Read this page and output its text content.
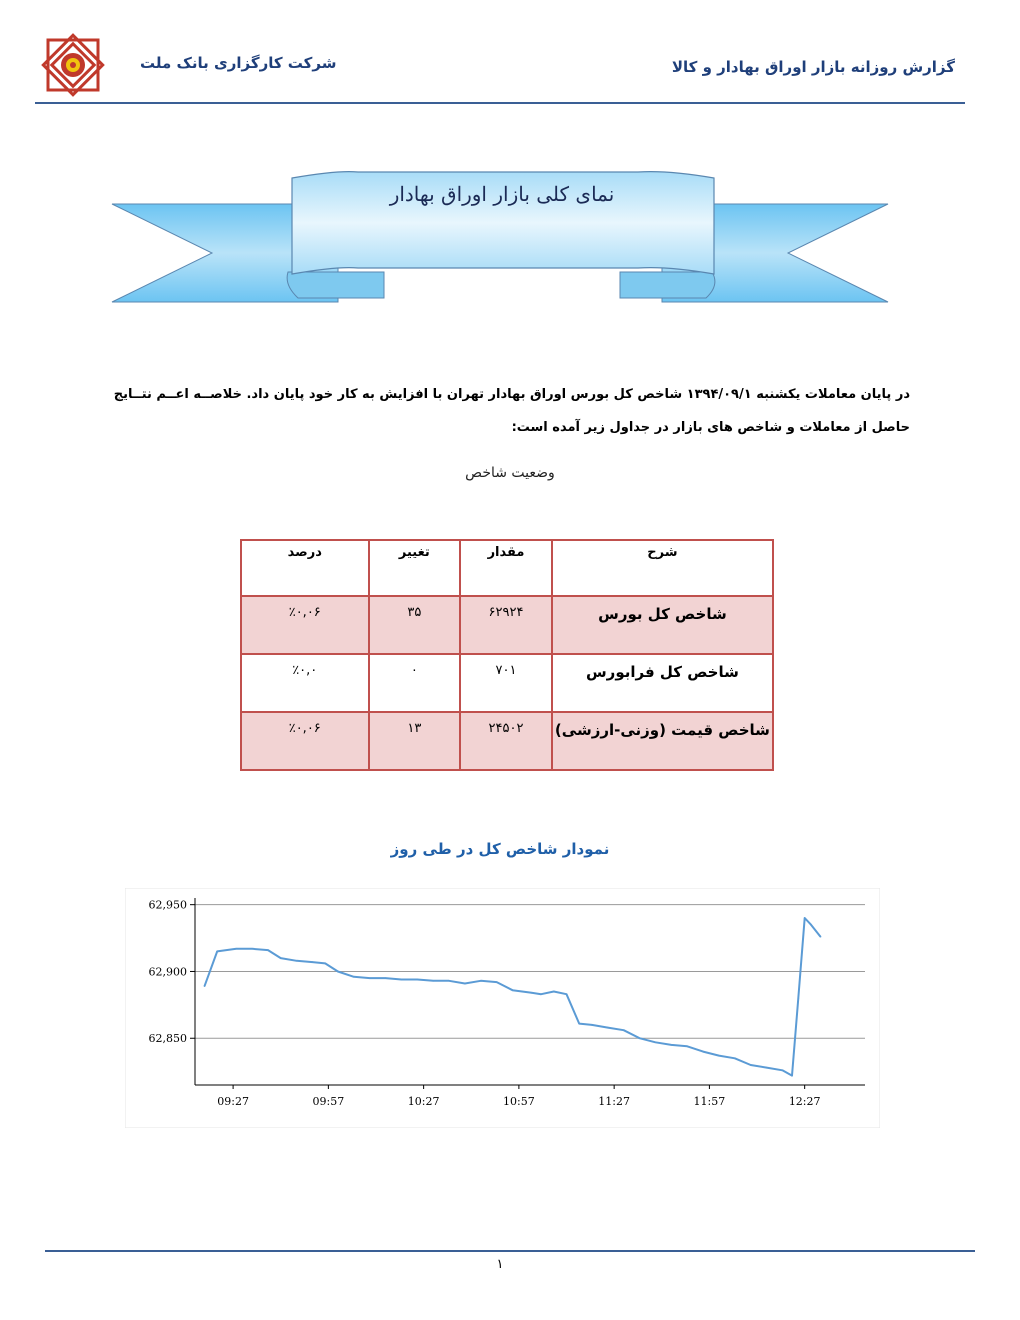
شرکت کارگزاری بانک ملت	گزارش روزانه بازار اوراق بهادار و کالا
نمای کلی بازار اوراق بهادار
در پایان معاملات یکشنبه ۱۳۹۴/۰۹/۱ شاخص کل بورس اوراق بهادار تهران با افزایش به کار خود پایان داد. خلاصــه اعــم نتــایج
حاصل از معاملات و شاخص های بازار در جداول زیر آمده است:
وضعیت شاخص
شرح	مقدار	تغییر	درصد
شاخص کل بورس	۶۲۹۲۴	۳۵	٪۰,۰۶
شاخص کل فرابورس	۷۰۱	۰	٪۰,۰
شاخص قیمت (وزنی-ارزشی)	۲۴۵۰۲	۱۳	٪۰,۰۶
نمودار شاخص کل در طی روز
62,850
62,900
62,950
09:27	09:57	10:27	10:57	11:27	11:57	12:27
۱
